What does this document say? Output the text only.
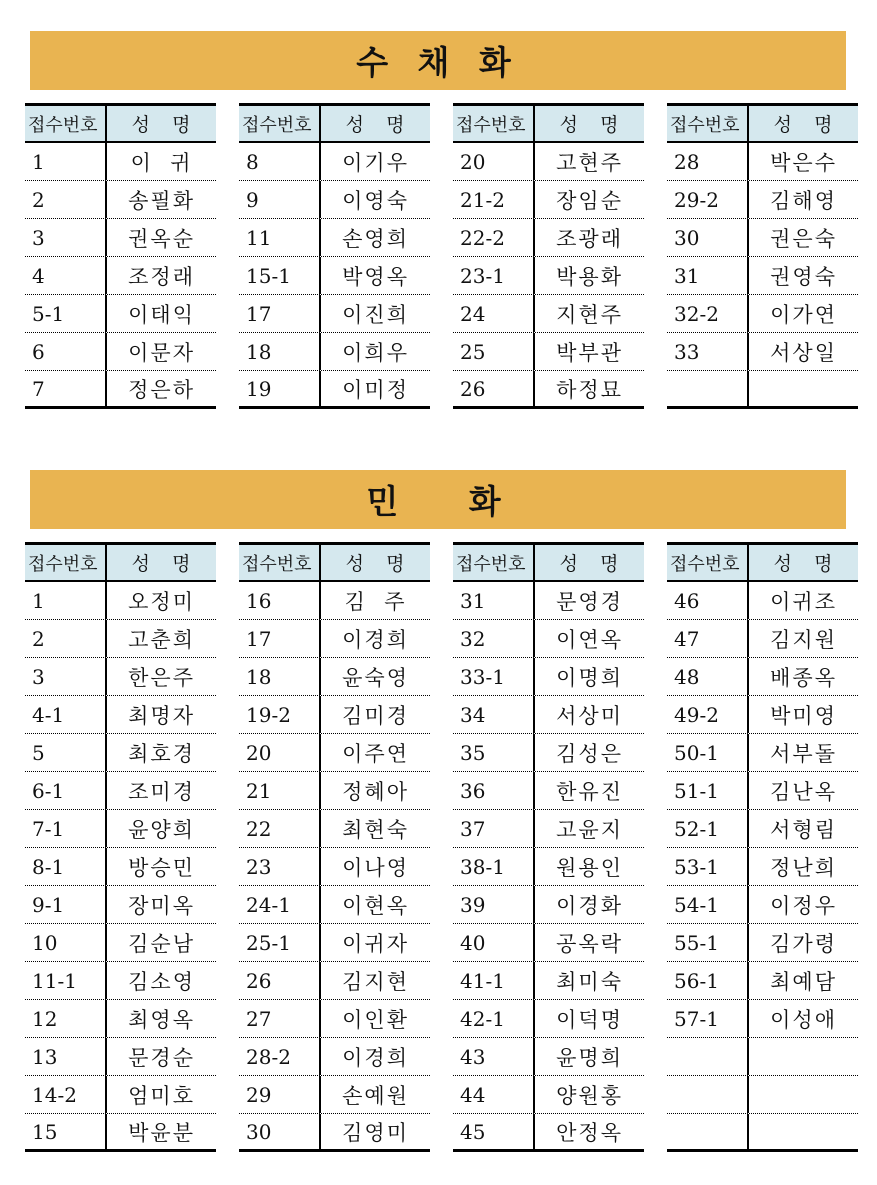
수 채 화
접수번호	성   명
1	이  귀
2	송필화
3	권옥순
4	조정래
5-1	이태익
6	이문자
7	정은하
접수번호	성   명
8	이기우
9	이영숙
11	손영희
15-1	박영옥
17	이진희
18	이희우
19	이미정
접수번호	성   명
20	고현주
21-2	장임순
22-2	조광래
23-1	박용화
24	지현주
25	박부관
26	하정묘
접수번호	성   명
28	박은수
29-2	김해영
30	권은숙
31	권영숙
32-2	이가연
33	서상일
민   화
접수번호	성   명
1	오정미
2	고춘희
3	한은주
4-1	최명자
5	최호경
6-1	조미경
7-1	윤양희
8-1	방승민
9-1	장미옥
10	김순남
11-1	김소영
12	최영옥
13	문경순
14-2	엄미호
15	박윤분
접수번호	성   명
16	김  주
17	이경희
18	윤숙영
19-2	김미경
20	이주연
21	정혜아
22	최현숙
23	이나영
24-1	이현옥
25-1	이귀자
26	김지현
27	이인환
28-2	이경희
29	손예원
30	김영미
접수번호	성   명
31	문영경
32	이연옥
33-1	이명희
34	서상미
35	김성은
36	한유진
37	고윤지
38-1	원용인
39	이경화
40	공옥락
41-1	최미숙
42-1	이덕명
43	윤명희
44	양원홍
45	안정옥
접수번호	성   명
46	이귀조
47	김지원
48	배종옥
49-2	박미영
50-1	서부돌
51-1	김난옥
52-1	서형림
53-1	정난희
54-1	이정우
55-1	김가령
56-1	최예담
57-1	이성애
